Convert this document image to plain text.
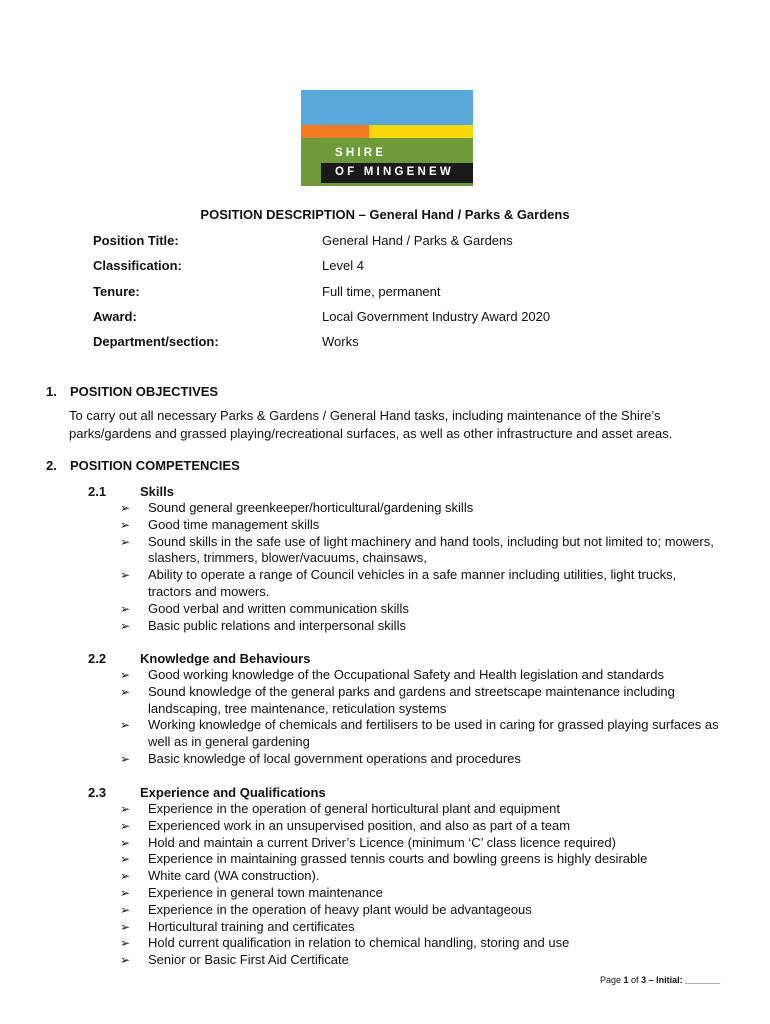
SHIRE
OF MINGENEW
POSITION DESCRIPTION – General Hand / Parks & Gardens
Position Title:	General Hand / Parks & Gardens
Classification:	Level 4
Tenure:	Full time, permanent
Award:	Local Government Industry Award 2020
Department/section:	Works
1. POSITION OBJECTIVES
To carry out all necessary Parks & Gardens / General Hand tasks, including maintenance of the Shire’s parks/gardens and grassed playing/recreational surfaces, as well as other infrastructure and asset areas.
2. POSITION COMPETENCIES
2.1	Skills
➢ Sound general greenkeeper/horticultural/gardening skills
➢ Good time management skills
➢ Sound skills in the safe use of light machinery and hand tools, including but not limited to; mowers, slashers, trimmers, blower/vacuums, chainsaws,
➢ Ability to operate a range of Council vehicles in a safe manner including utilities, light trucks, tractors and mowers.
➢ Good verbal and written communication skills
➢ Basic public relations and interpersonal skills
2.2	Knowledge and Behaviours
➢ Good working knowledge of the Occupational Safety and Health legislation and standards
➢ Sound knowledge of the general parks and gardens and streetscape maintenance including landscaping, tree maintenance, reticulation systems
➢ Working knowledge of chemicals and fertilisers to be used in caring for grassed playing surfaces as well as in general gardening
➢ Basic knowledge of local government operations and procedures
2.3	Experience and Qualifications
➢ Experience in the operation of general horticultural plant and equipment
➢ Experienced work in an unsupervised position, and also as part of a team
➢ Hold and maintain a current Driver’s Licence (minimum ‘C’ class licence required)
➢ Experience in maintaining grassed tennis courts and bowling greens is highly desirable
➢ White card (WA construction).
➢ Experience in general town maintenance
➢ Experience in the operation of heavy plant would be advantageous
➢ Horticultural training and certificates
➢ Hold current qualification in relation to chemical handling, storing and use
➢ Senior or Basic First Aid Certificate
Page 1 of 3 – Initial: _______
